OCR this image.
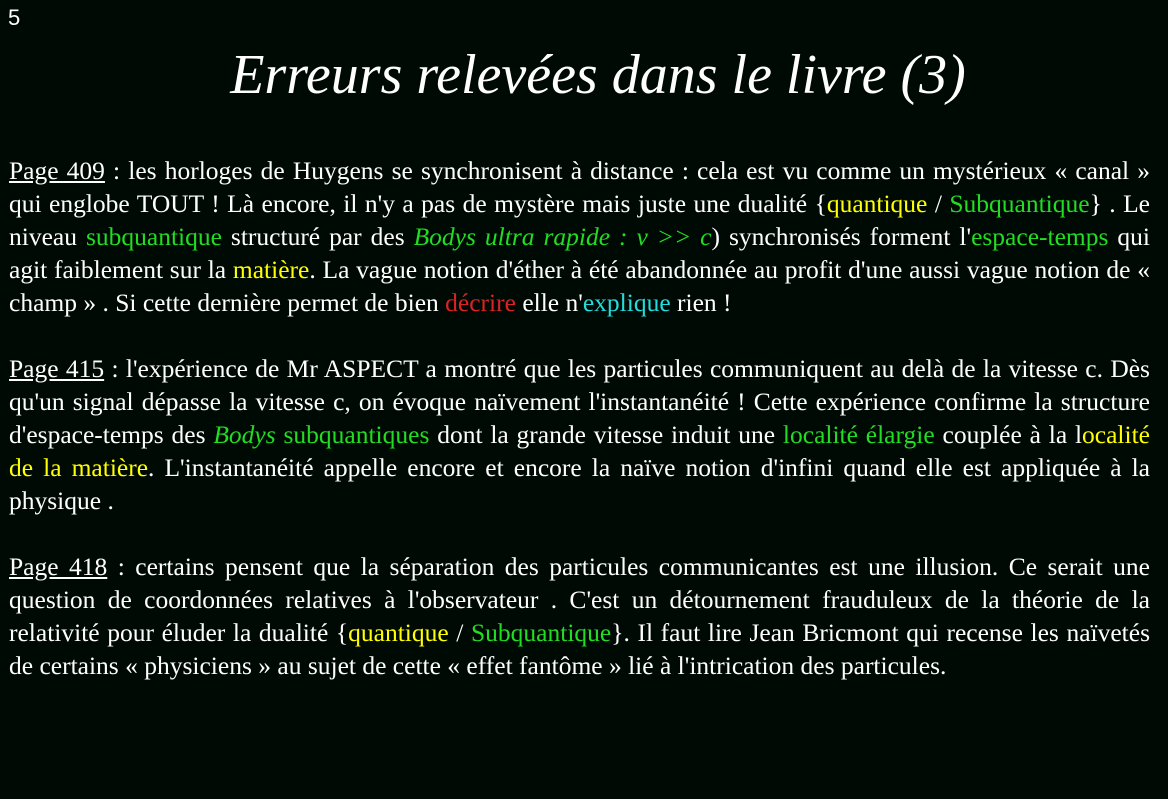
5
Erreurs relevées dans le livre (3)

Page 409 : les horloges de Huygens se synchronisent à distance : cela est vu comme un mystérieux « canal » qui englobe TOUT ! Là encore, il n'y a pas de mystère mais juste une dualité {quantique / Subquantique} . Le niveau subquantique structuré par des Bodys ultra rapide : v >> c) synchronisés forment l'espace-temps qui agit faiblement sur la matière. La vague notion d'éther à été abandonnée au profit d'une aussi vague notion de « champ » . Si cette dernière permet de bien décrire elle n'explique rien !

Page 415 : l'expérience de Mr ASPECT a montré que les particules communiquent au delà de la vitesse c. Dès qu'un signal dépasse la vitesse c, on évoque naïvement l'instantanéité ! Cette expérience confirme la structure d'espace-temps des Bodys subquantiques dont la grande vitesse induit une localité élargie couplée à la localité de la matière. L'instantanéité appelle encore et encore la naïve notion d'infini quand elle est appliquée à la physique .

Page 418 : certains pensent que la séparation des particules communicantes est une illusion. Ce serait une question de coordonnées relatives à l'observateur . C'est un détournement frauduleux de la théorie de la relativité pour éluder la dualité {quantique / Subquantique}. Il faut lire Jean Bricmont qui recense les naïvetés de certains « physiciens » au sujet de cette « effet fantôme » lié à l'intrication des particules.
